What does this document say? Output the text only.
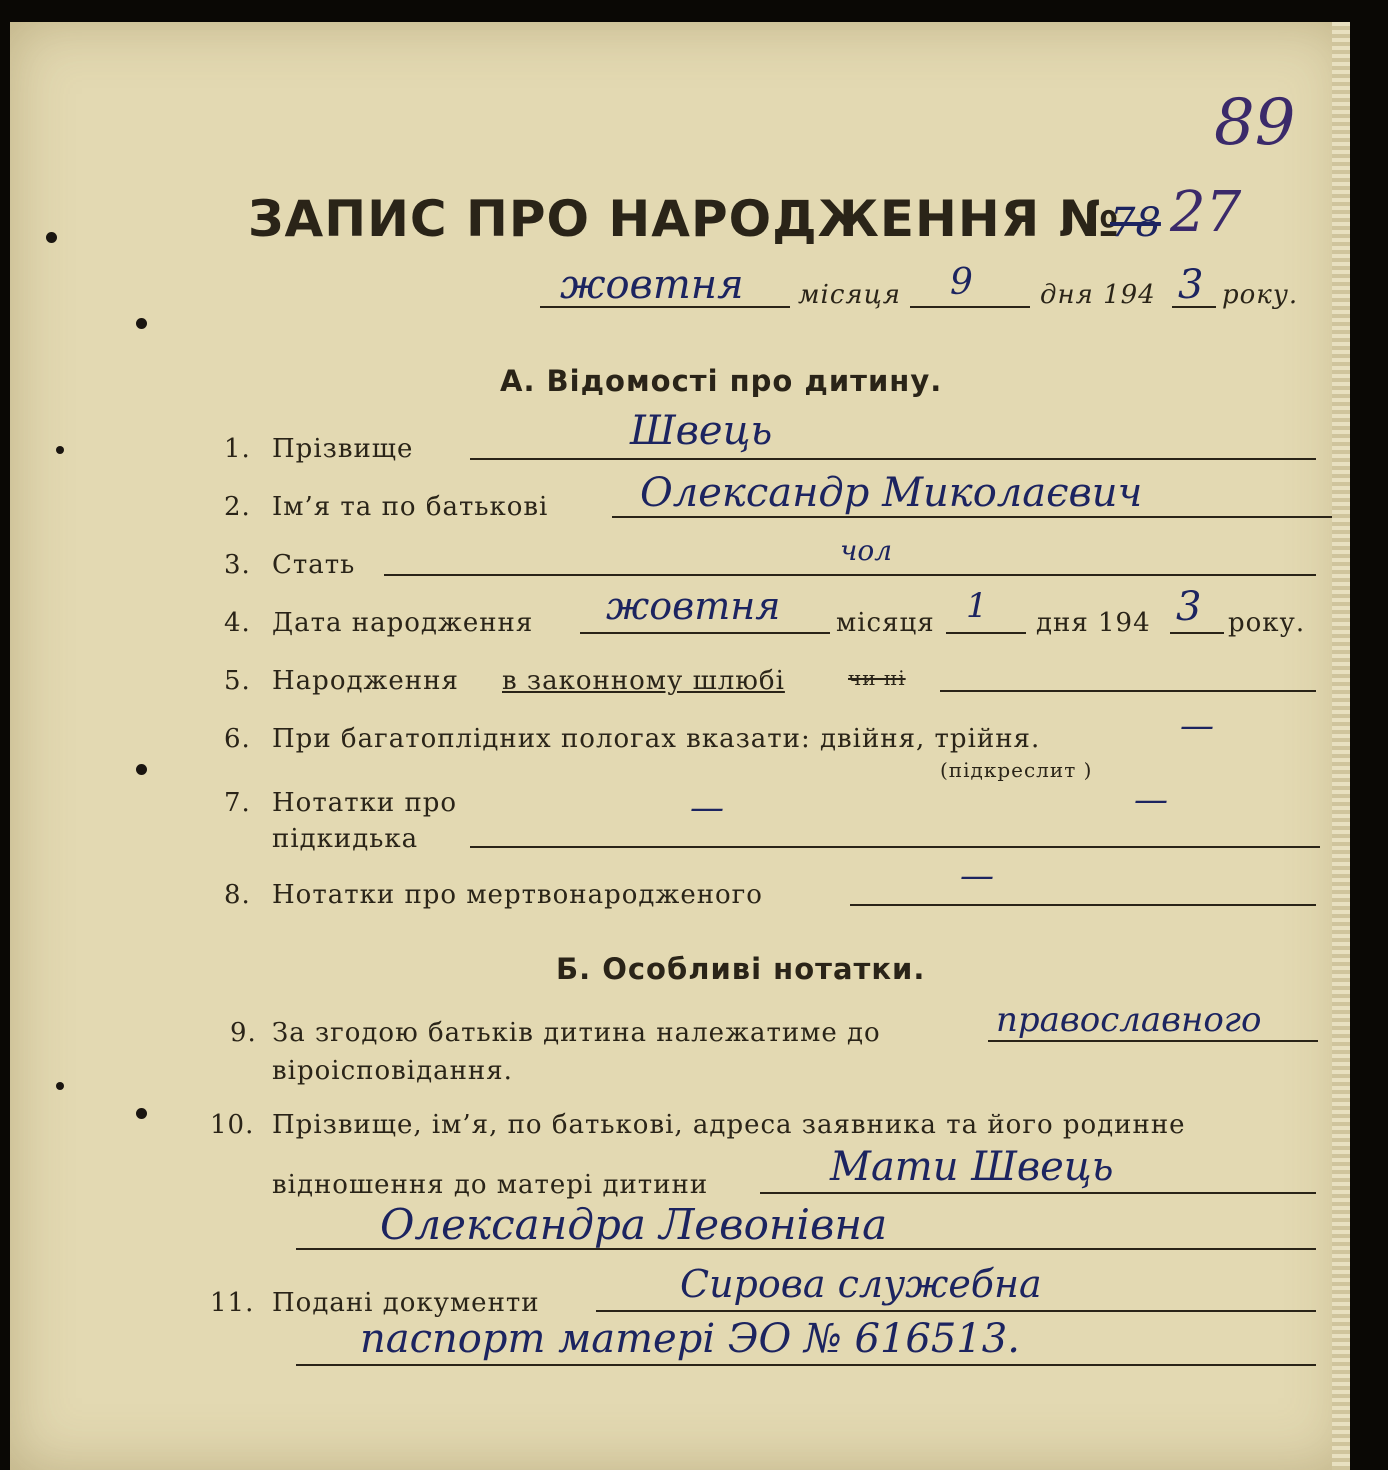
89
ЗАПИС ПРО НАРОДЖЕННЯ №
78 27
жовтня місяця 9	дня 194 3 року.
А. Відомості про дитину.
1. Прізвище	Швець
2. Ім’я та по батькові Олександр Миколаєвич
3. Стать	чол
4. Дата народження жовтня місяця 1 дня 194 3 року.
5. Народження в законному шлюбі	чи ні
6. При багатоплідних пологах вказати: двійня, трійня.	—
(підкреслит )
7. Нотатки про	—	—
підкидька
8. Нотатки про мертвонародженого	—
Б. Особливі нотатки.
9. За згодою батьків дитина належатиме до	православного
віроісповідання.
10. Прізвище, ім’я, по батькові, адреса заявника та його родинне
відношення до матері дитини	Мати Швець
Олександра Левонівна
11. Подані документи	Сирова служебна
паспорт матері ЭО № 616513.
